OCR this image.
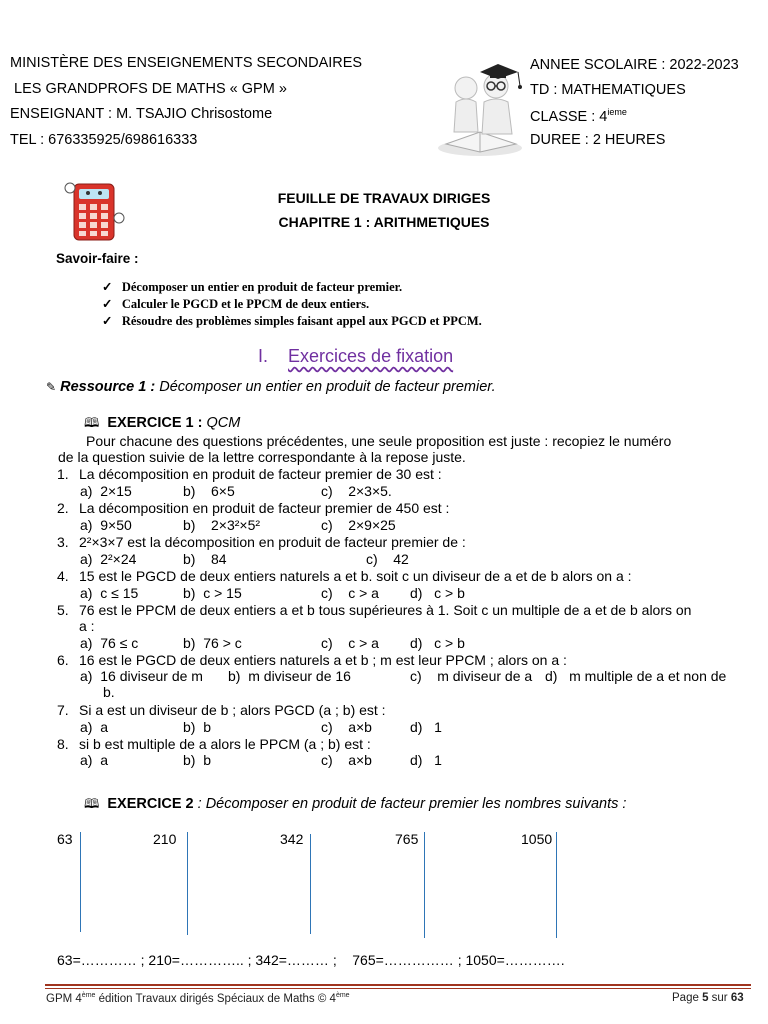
MINISTÈRE DES ENSEIGNEMENTS SECONDAIRES
LES GRANDPROFS DE MATHS « GPM »
ENSEIGNANT : M. TSAJIO Chrisostome
TEL : 676335925/698616333
ANNEE SCOLAIRE : 2022-2023
TD : MATHEMATIQUES
CLASSE : 4ieme
DUREE : 2 HEURES
FEUILLE DE TRAVAUX DIRIGES
CHAPITRE 1 : ARITHMETIQUES
Savoir-faire :
✓   Décomposer un entier en produit de facteur premier.
✓   Calculer le PGCD et le PPCM de deux entiers.
✓   Résoudre des problèmes simples faisant appel aux PGCD et PPCM.
I. Exercices de fixation
✎ Ressource 1 : Décomposer un entier en produit de facteur premier.
🕮 EXERCICE 1 : QCM
Pour chacune des questions précédentes, une seule proposition est juste : recopiez le numéro
de la question suivie de la lettre correspondante à la repose juste.
1. La décomposition en produit de facteur premier de 30 est :
a)  2×15	b)    6×5	c)    2×3×5.
2. La décomposition en produit de facteur premier de 450 est :
a)  9×50	b)    2×3²×5²	c)    2×9×25
3. 2²×3×7 est la décomposition en produit de facteur premier de :
a)  2²×24	b)    84	c)    42
4. 15 est le PGCD de deux entiers naturels a et b. soit c un diviseur de a et de b alors on a :
a)  c ≤ 15	b)  c > 15	c)    c > a d)   c > b
5. 76 est le PPCM de deux entiers a et b tous supérieures à 1. Soit c un multiple de a et de b alors on
a :
a)  76 ≤ c	b)  76 > c	c)    c > a d)   c > b
6. 16 est le PGCD de deux entiers naturels a et b ; m est leur PPCM ; alors on a :
a)  16 diviseur de m b)  m diviseur de 16	c)    m diviseur de a d)   m multiple de a et non de
b.
7. Si a est un diviseur de b ; alors PGCD (a ; b) est :
a)  a	b)  b	c)    a×b	d)   1
8. si b est multiple de a alors le PPCM (a ; b) est :
a)  a	b)  b	c)    a×b	d)   1
🕮 EXERCICE 2 : Décomposer en produit de facteur premier les nombres suivants :
63	210	342	765	1050
63=………… ; 210=………….. ; 342=……… ;    765=…………… ; 1050=………….
GPM 4ème édition Travaux dirigés Spéciaux de Maths © 4ème	Page 5 sur 63
